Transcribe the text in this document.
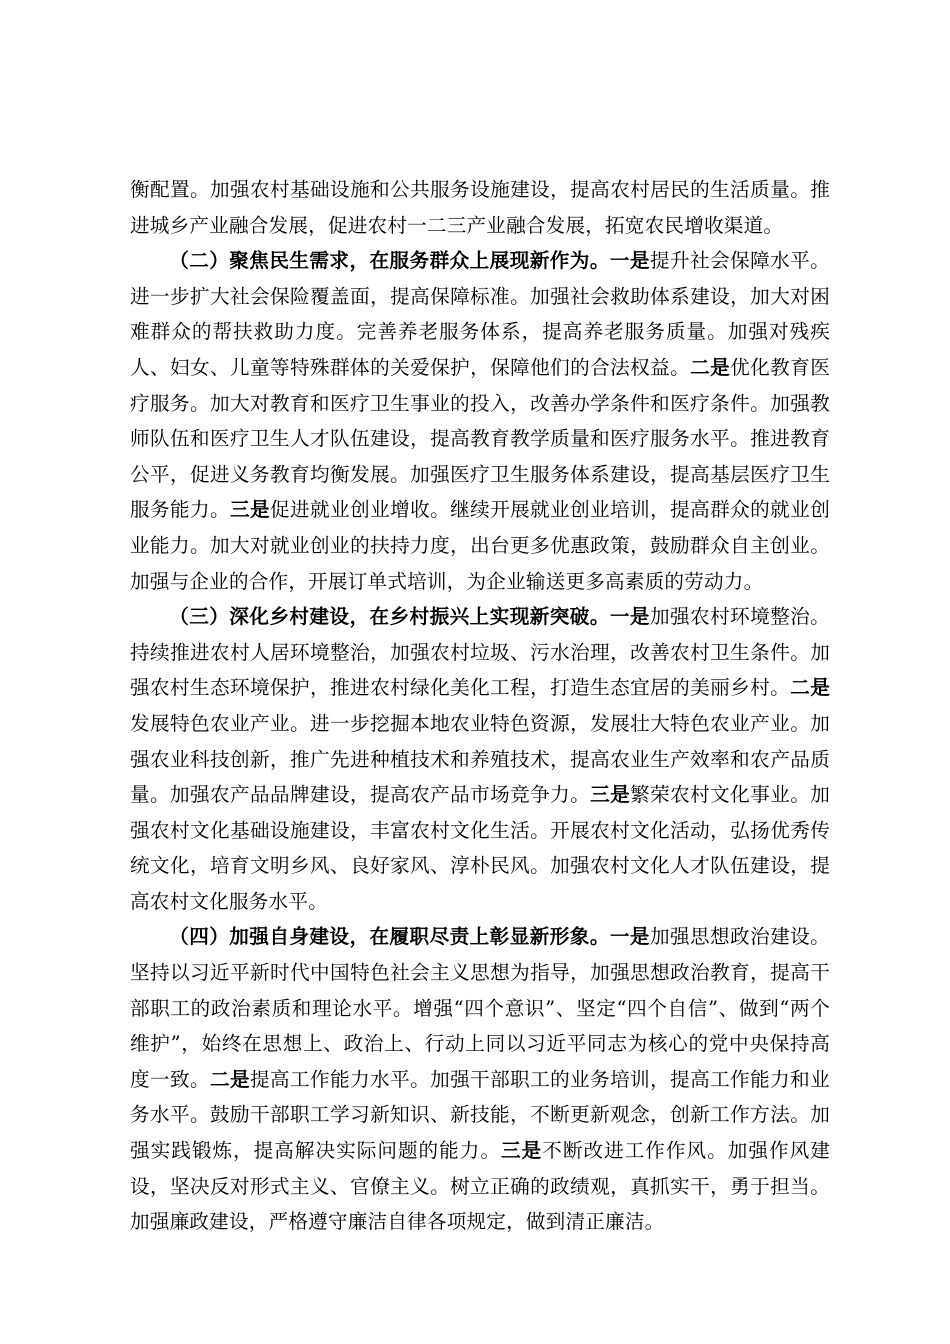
衡配置。加强农村基础设施和公共服务设施建设，提高农村居民的生活质量。推进城乡产业融合发展，促进农村一二三产业融合发展，拓宽农民增收渠道。

（二）聚焦民生需求，在服务群众上展现新作为。一是提升社会保障水平。进一步扩大社会保险覆盖面，提高保障标准。加强社会救助体系建设，加大对困难群众的帮扶救助力度。完善养老服务体系，提高养老服务质量。加强对残疾人、妇女、儿童等特殊群体的关爱保护，保障他们的合法权益。二是优化教育医疗服务。加大对教育和医疗卫生事业的投入，改善办学条件和医疗条件。加强教师队伍和医疗卫生人才队伍建设，提高教育教学质量和医疗服务水平。推进教育公平，促进义务教育均衡发展。加强医疗卫生服务体系建设，提高基层医疗卫生服务能力。三是促进就业创业增收。继续开展就业创业培训，提高群众的就业创业能力。加大对就业创业的扶持力度，出台更多优惠政策，鼓励群众自主创业。加强与企业的合作，开展订单式培训，为企业输送更多高素质的劳动力。

（三）深化乡村建设，在乡村振兴上实现新突破。一是加强农村环境整治。持续推进农村人居环境整治，加强农村垃圾、污水治理，改善农村卫生条件。加强农村生态环境保护，推进农村绿化美化工程，打造生态宜居的美丽乡村。二是发展特色农业产业。进一步挖掘本地农业特色资源，发展壮大特色农业产业。加强农业科技创新，推广先进种植技术和养殖技术，提高农业生产效率和农产品质量。加强农产品品牌建设，提高农产品市场竞争力。三是繁荣农村文化事业。加强农村文化基础设施建设，丰富农村文化生活。开展农村文化活动，弘扬优秀传统文化，培育文明乡风、良好家风、淳朴民风。加强农村文化人才队伍建设，提高农村文化服务水平。

（四）加强自身建设，在履职尽责上彰显新形象。一是加强思想政治建设。坚持以习近平新时代中国特色社会主义思想为指导，加强思想政治教育，提高干部职工的政治素质和理论水平。增强“四个意识”、坚定“四个自信”、做到“两个维护”，始终在思想上、政治上、行动上同以习近平同志为核心的党中央保持高度一致。二是提高工作能力水平。加强干部职工的业务培训，提高工作能力和业务水平。鼓励干部职工学习新知识、新技能，不断更新观念，创新工作方法。加强实践锻炼，提高解决实际问题的能力。三是不断改进工作作风。加强作风建设，坚决反对形式主义、官僚主义。树立正确的政绩观，真抓实干，勇于担当。加强廉政建设，严格遵守廉洁自律各项规定，做到清正廉洁。
